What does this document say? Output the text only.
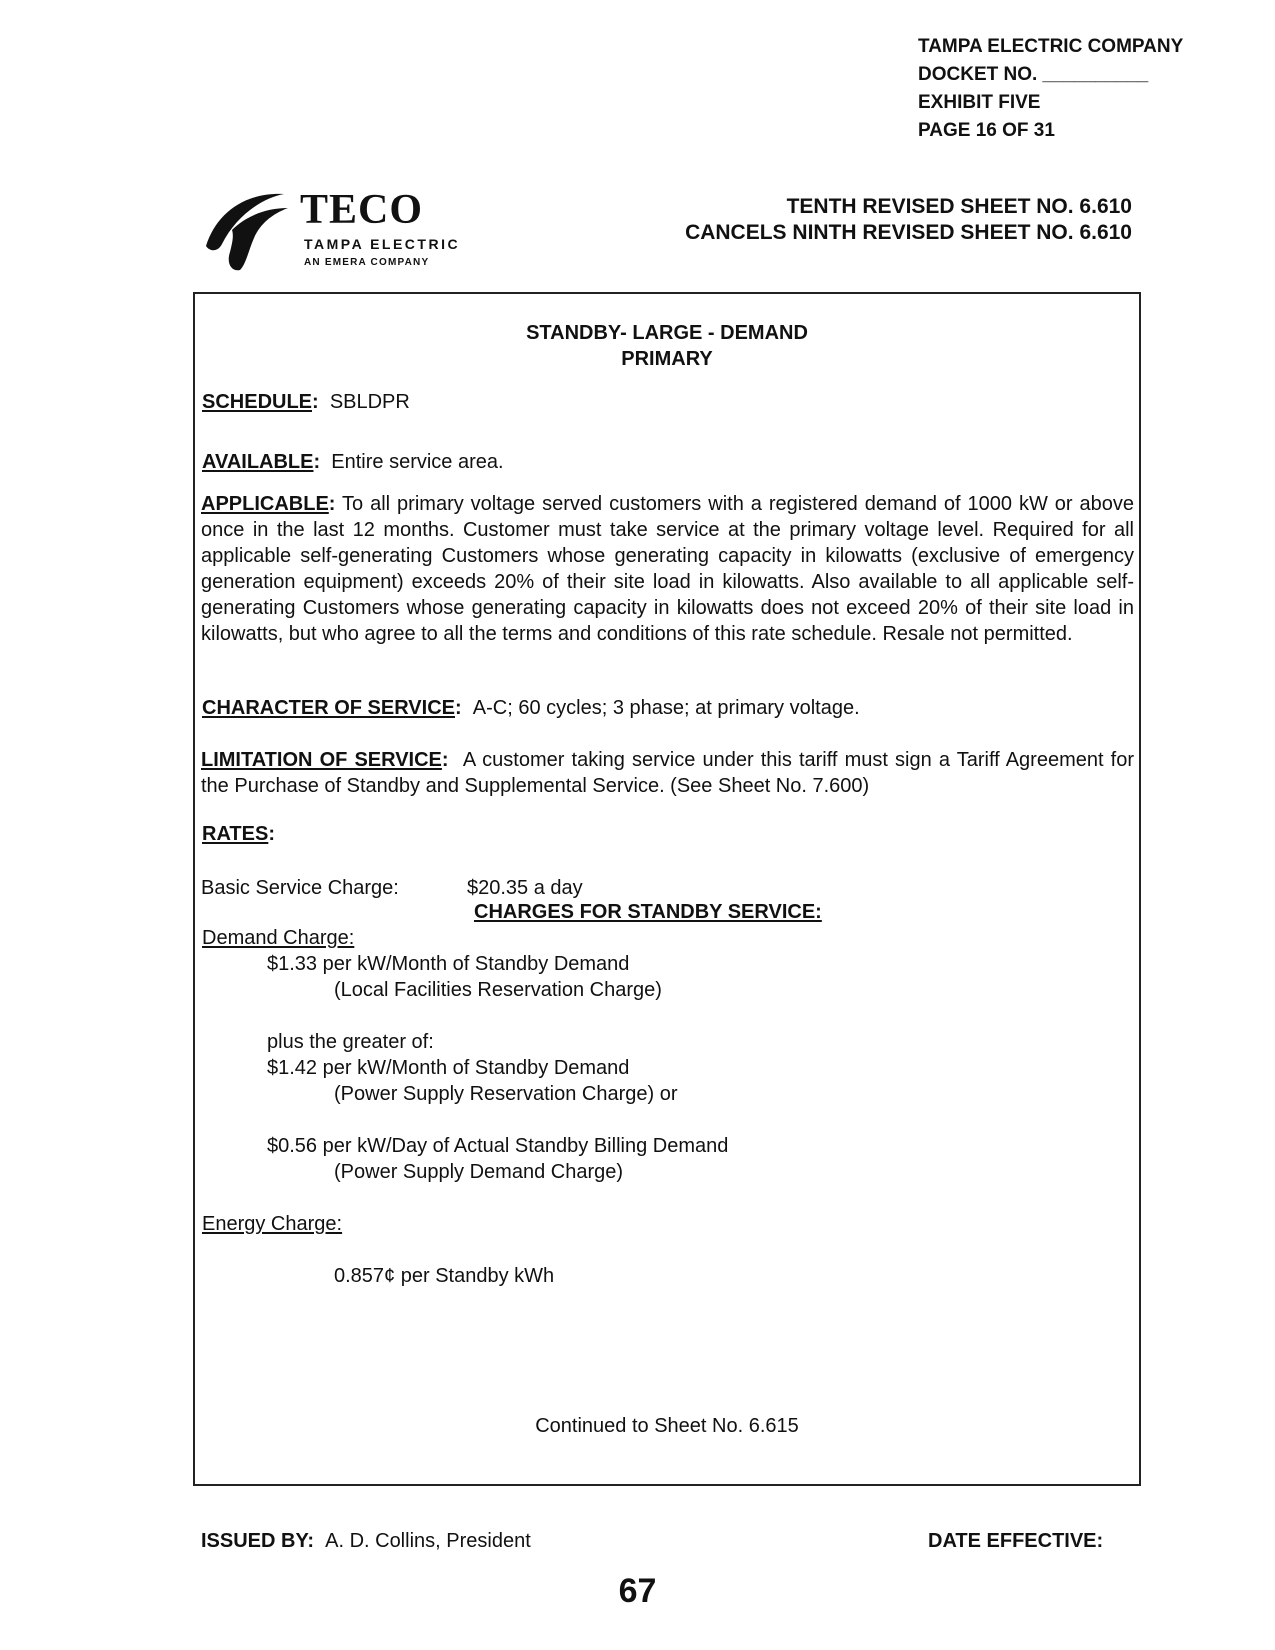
TAMPA ELECTRIC COMPANY
DOCKET NO. __________
EXHIBIT FIVE
PAGE 16 OF 31
TECO
TAMPA ELECTRIC
AN EMERA COMPANY
TENTH REVISED SHEET NO. 6.610
CANCELS NINTH REVISED SHEET NO. 6.610
STANDBY- LARGE - DEMAND
PRIMARY
SCHEDULE: SBLDPR
AVAILABLE: Entire service area.
APPLICABLE: To all primary voltage served customers with a registered demand of 1000 kW or above once in the last 12 months. Customer must take service at the primary voltage level. Required for all applicable self-generating Customers whose generating capacity in kilowatts (exclusive of emergency generation equipment) exceeds 20% of their site load in kilowatts. Also available to all applicable self-generating Customers whose generating capacity in kilowatts does not exceed 20% of their site load in kilowatts, but who agree to all the terms and conditions of this rate schedule. Resale not permitted.
CHARACTER OF SERVICE: A-C; 60 cycles; 3 phase; at primary voltage.
LIMITATION OF SERVICE: A customer taking service under this tariff must sign a Tariff Agreement for the Purchase of Standby and Supplemental Service. (See Sheet No. 7.600)
RATES:
Basic Service Charge:	$20.35 a day
CHARGES FOR STANDBY SERVICE:
Demand Charge:
$1.33 per kW/Month of Standby Demand
(Local Facilities Reservation Charge)
plus the greater of:
$1.42 per kW/Month of Standby Demand
(Power Supply Reservation Charge) or
$0.56 per kW/Day of Actual Standby Billing Demand
(Power Supply Demand Charge)
Energy Charge:
0.857¢ per Standby kWh
Continued to Sheet No. 6.615
ISSUED BY: A. D. Collins, President	DATE EFFECTIVE:
67
